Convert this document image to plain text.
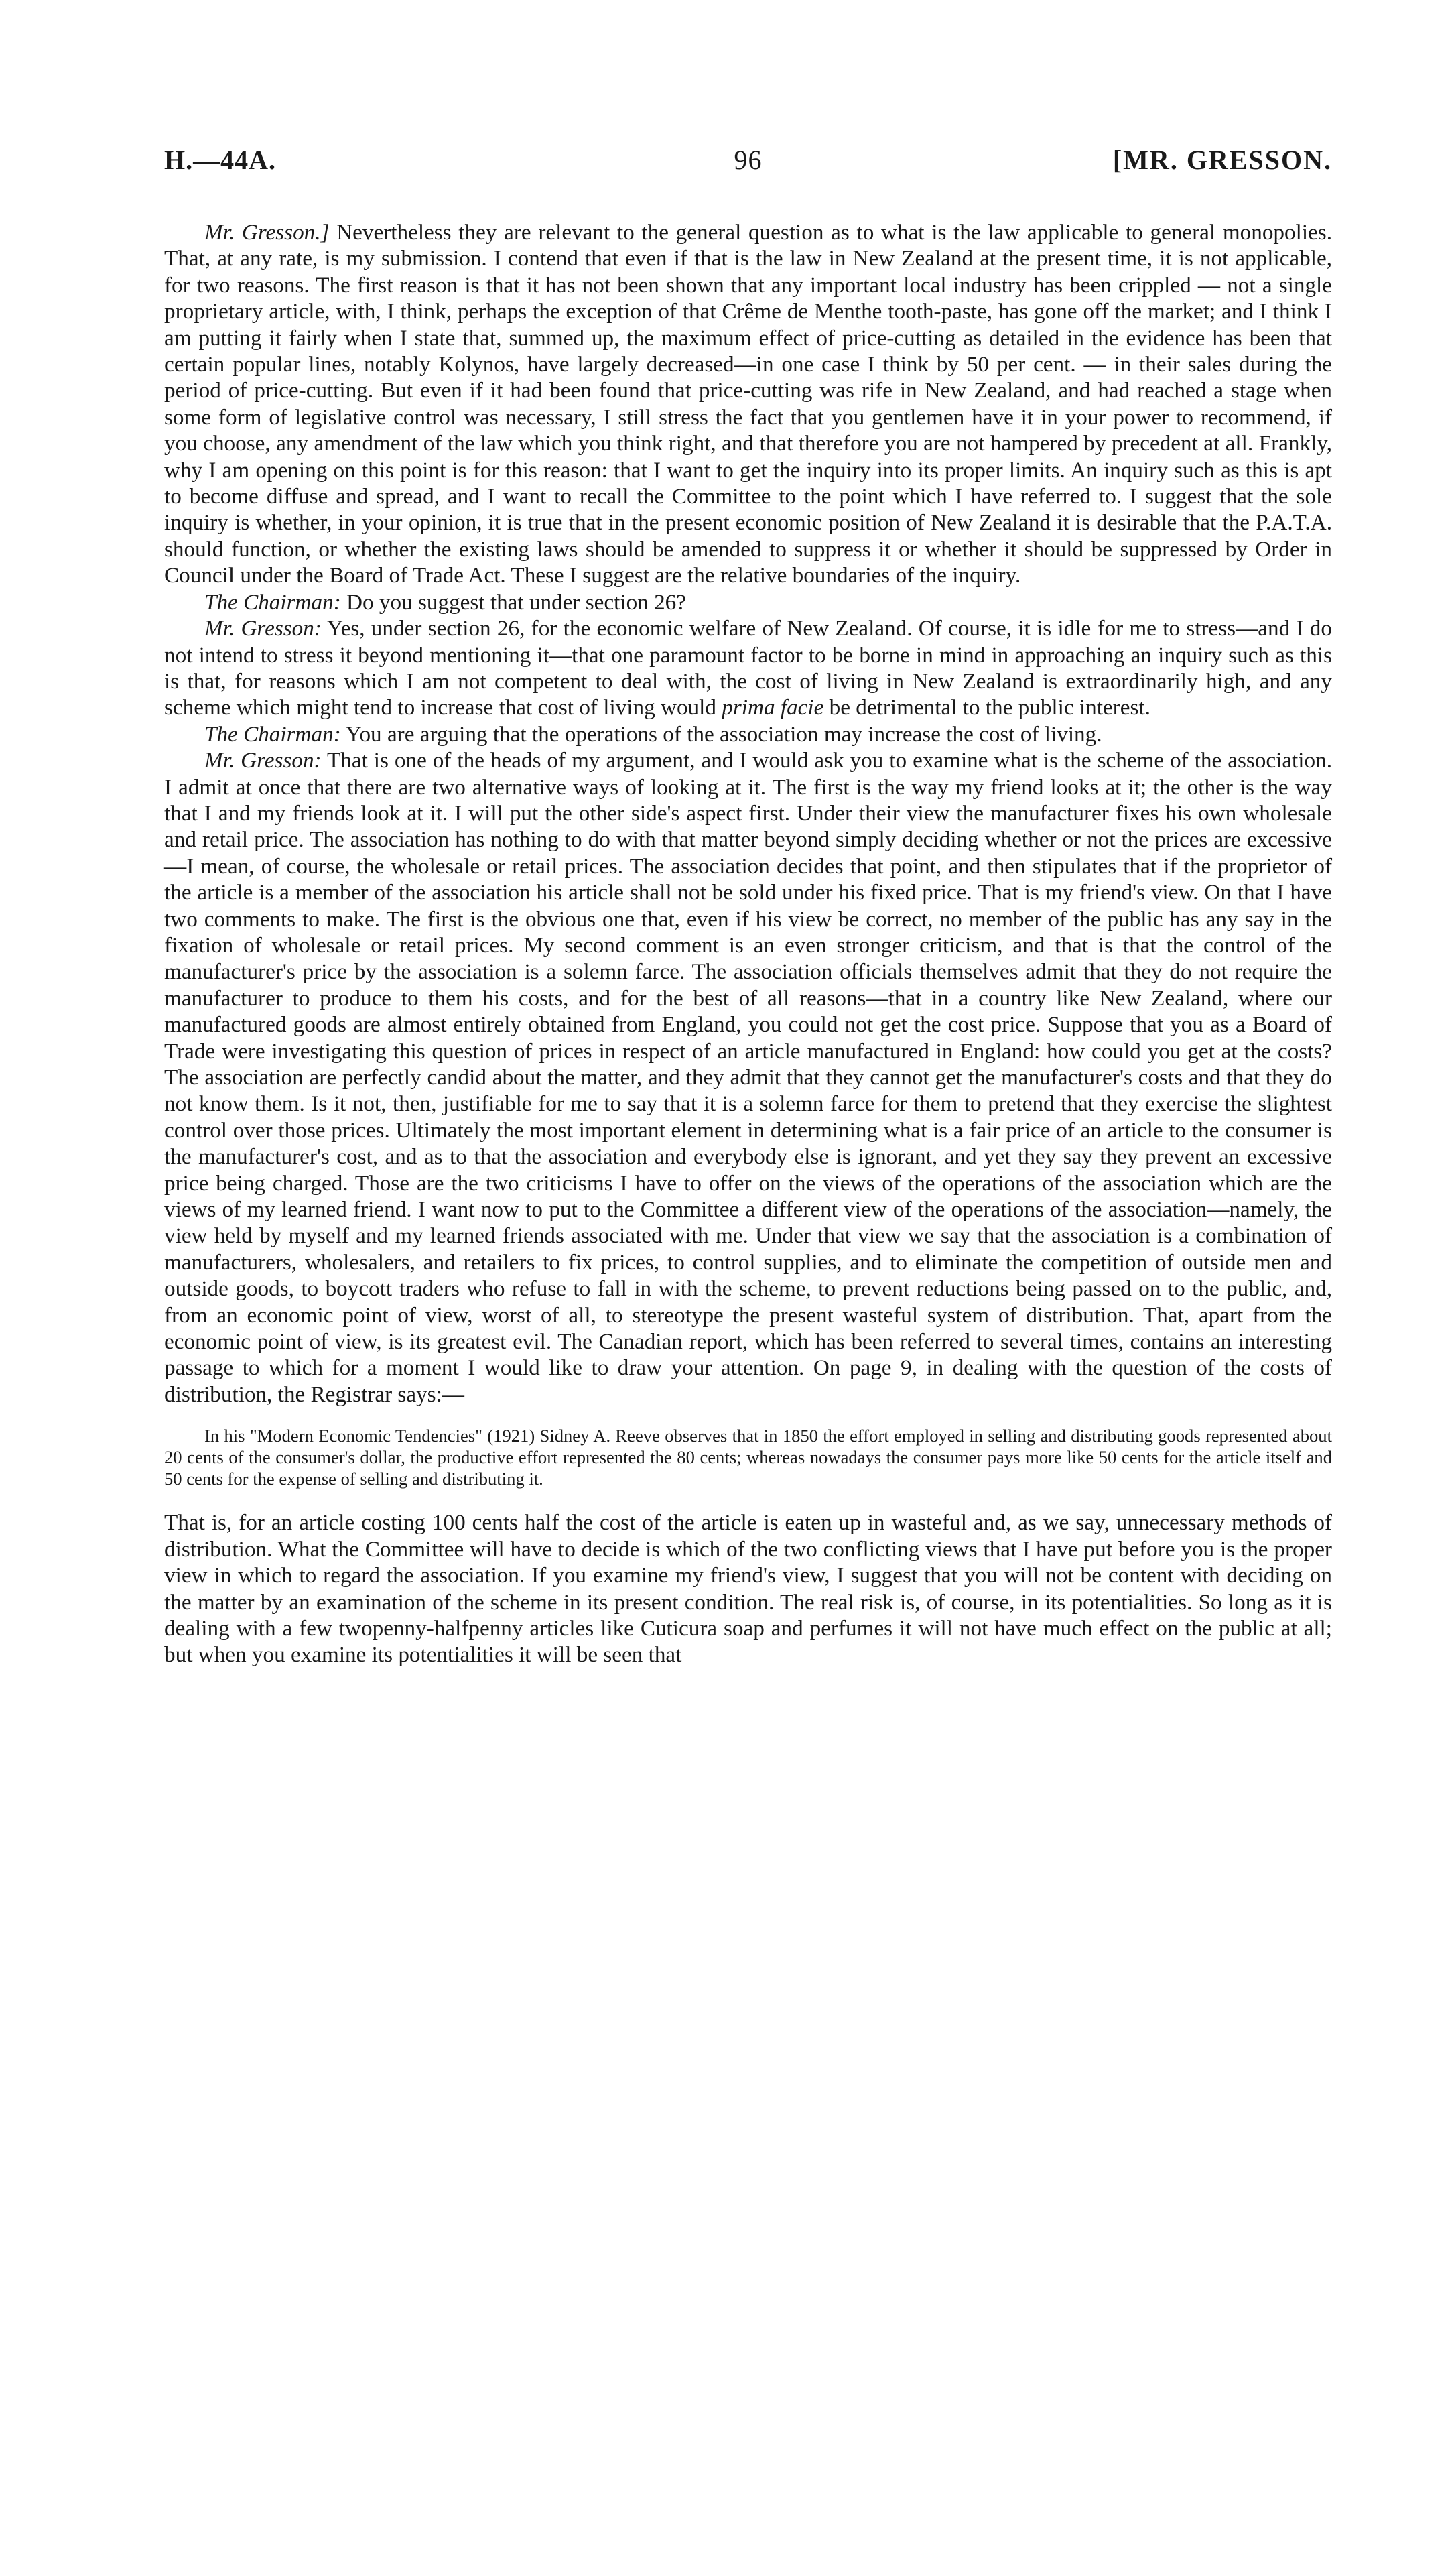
H.—44A.	96	[MR. GRESSON.

Mr. Gresson.] Nevertheless they are relevant to the general question as to what is the law applicable to general monopolies. That, at any rate, is my submission. I contend that even if that is the law in New Zealand at the present time, it is not applicable, for two reasons. The first reason is that it has not been shown that any important local industry has been crippled — not a single proprietary article, with, I think, perhaps the exception of that Crême de Menthe tooth-paste, has gone off the market; and I think I am putting it fairly when I state that, summed up, the maximum effect of price-cutting as detailed in the evidence has been that certain popular lines, notably Kolynos, have largely decreased—in one case I think by 50 per cent. — in their sales during the period of price-cutting. But even if it had been found that price-cutting was rife in New Zealand, and had reached a stage when some form of legislative control was necessary, I still stress the fact that you gentlemen have it in your power to recommend, if you choose, any amendment of the law which you think right, and that therefore you are not hampered by precedent at all. Frankly, why I am opening on this point is for this reason: that I want to get the inquiry into its proper limits. An inquiry such as this is apt to become diffuse and spread, and I want to recall the Committee to the point which I have referred to. I suggest that the sole inquiry is whether, in your opinion, it is true that in the present economic position of New Zealand it is desirable that the P.A.T.A. should function, or whether the existing laws should be amended to suppress it or whether it should be suppressed by Order in Council under the Board of Trade Act. These I suggest are the relative boundaries of the inquiry.

The Chairman: Do you suggest that under section 26?

Mr. Gresson: Yes, under section 26, for the economic welfare of New Zealand. Of course, it is idle for me to stress—and I do not intend to stress it beyond mentioning it—that one paramount factor to be borne in mind in approaching an inquiry such as this is that, for reasons which I am not competent to deal with, the cost of living in New Zealand is extraordinarily high, and any scheme which might tend to increase that cost of living would prima facie be detrimental to the public interest.

The Chairman: You are arguing that the operations of the association may increase the cost of living.

Mr. Gresson: That is one of the heads of my argument, and I would ask you to examine what is the scheme of the association. I admit at once that there are two alternative ways of looking at it. The first is the way my friend looks at it; the other is the way that I and my friends look at it. I will put the other side's aspect first. Under their view the manufacturer fixes his own wholesale and retail price. The association has nothing to do with that matter beyond simply deciding whether or not the prices are excessive—I mean, of course, the wholesale or retail prices. The association decides that point, and then stipulates that if the proprietor of the article is a member of the association his article shall not be sold under his fixed price. That is my friend's view. On that I have two comments to make. The first is the obvious one that, even if his view be correct, no member of the public has any say in the fixation of wholesale or retail prices. My second comment is an even stronger criticism, and that is that the control of the manufacturer's price by the association is a solemn farce. The association officials themselves admit that they do not require the manufacturer to produce to them his costs, and for the best of all reasons—that in a country like New Zealand, where our manufactured goods are almost entirely obtained from England, you could not get the cost price. Suppose that you as a Board of Trade were investigating this question of prices in respect of an article manufactured in England: how could you get at the costs? The association are perfectly candid about the matter, and they admit that they cannot get the manufacturer's costs and that they do not know them. Is it not, then, justifiable for me to say that it is a solemn farce for them to pretend that they exercise the slightest control over those prices. Ultimately the most important element in determining what is a fair price of an article to the consumer is the manufacturer's cost, and as to that the association and everybody else is ignorant, and yet they say they prevent an excessive price being charged. Those are the two criticisms I have to offer on the views of the operations of the association which are the views of my learned friend. I want now to put to the Committee a different view of the operations of the association—namely, the view held by myself and my learned friends associated with me. Under that view we say that the association is a combination of manufacturers, wholesalers, and retailers to fix prices, to control supplies, and to eliminate the competition of outside men and outside goods, to boycott traders who refuse to fall in with the scheme, to prevent reductions being passed on to the public, and, from an economic point of view, worst of all, to stereotype the present wasteful system of distribution. That, apart from the economic point of view, is its greatest evil. The Canadian report, which has been referred to several times, contains an interesting passage to which for a moment I would like to draw your attention. On page 9, in dealing with the question of the costs of distribution, the Registrar says:—

In his "Modern Economic Tendencies" (1921) Sidney A. Reeve observes that in 1850 the effort employed in selling and distributing goods represented about 20 cents of the consumer's dollar, the productive effort represented the 80 cents; whereas nowadays the consumer pays more like 50 cents for the article itself and 50 cents for the expense of selling and distributing it.

That is, for an article costing 100 cents half the cost of the article is eaten up in wasteful and, as we say, unnecessary methods of distribution. What the Committee will have to decide is which of the two conflicting views that I have put before you is the proper view in which to regard the association. If you examine my friend's view, I suggest that you will not be content with deciding on the matter by an examination of the scheme in its present condition. The real risk is, of course, in its potentialities. So long as it is dealing with a few twopenny-halfpenny articles like Cuticura soap and perfumes it will not have much effect on the public at all; but when you examine its potentialities it will be seen that
